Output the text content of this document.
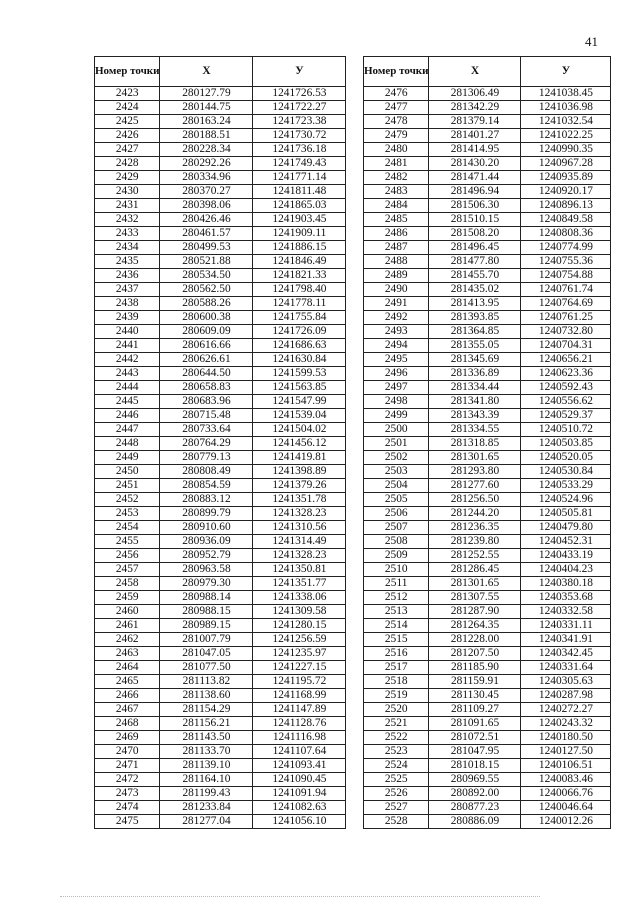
41
Номер точки	X	У
2423	280127.79	1241726.53
2424	280144.75	1241722.27
2425	280163.24	1241723.38
2426	280188.51	1241730.72
2427	280228.34	1241736.18
2428	280292.26	1241749.43
2429	280334.96	1241771.14
2430	280370.27	1241811.48
2431	280398.06	1241865.03
2432	280426.46	1241903.45
2433	280461.57	1241909.11
2434	280499.53	1241886.15
2435	280521.88	1241846.49
2436	280534.50	1241821.33
2437	280562.50	1241798.40
2438	280588.26	1241778.11
2439	280600.38	1241755.84
2440	280609.09	1241726.09
2441	280616.66	1241686.63
2442	280626.61	1241630.84
2443	280644.50	1241599.53
2444	280658.83	1241563.85
2445	280683.96	1241547.99
2446	280715.48	1241539.04
2447	280733.64	1241504.02
2448	280764.29	1241456.12
2449	280779.13	1241419.81
2450	280808.49	1241398.89
2451	280854.59	1241379.26
2452	280883.12	1241351.78
2453	280899.79	1241328.23
2454	280910.60	1241310.56
2455	280936.09	1241314.49
2456	280952.79	1241328.23
2457	280963.58	1241350.81
2458	280979.30	1241351.77
2459	280988.14	1241338.06
2460	280988.15	1241309.58
2461	280989.15	1241280.15
2462	281007.79	1241256.59
2463	281047.05	1241235.97
2464	281077.50	1241227.15
2465	281113.82	1241195.72
2466	281138.60	1241168.99
2467	281154.29	1241147.89
2468	281156.21	1241128.76
2469	281143.50	1241116.98
2470	281133.70	1241107.64
2471	281139.10	1241093.41
2472	281164.10	1241090.45
2473	281199.43	1241091.94
2474	281233.84	1241082.63
2475	281277.04	1241056.10
Номер точки	X	У
2476	281306.49	1241038.45
2477	281342.29	1241036.98
2478	281379.14	1241032.54
2479	281401.27	1241022.25
2480	281414.95	1240990.35
2481	281430.20	1240967.28
2482	281471.44	1240935.89
2483	281496.94	1240920.17
2484	281506.30	1240896.13
2485	281510.15	1240849.58
2486	281508.20	1240808.36
2487	281496.45	1240774.99
2488	281477.80	1240755.36
2489	281455.70	1240754.88
2490	281435.02	1240761.74
2491	281413.95	1240764.69
2492	281393.85	1240761.25
2493	281364.85	1240732.80
2494	281355.05	1240704.31
2495	281345.69	1240656.21
2496	281336.89	1240623.36
2497	281334.44	1240592.43
2498	281341.80	1240556.62
2499	281343.39	1240529.37
2500	281334.55	1240510.72
2501	281318.85	1240503.85
2502	281301.65	1240520.05
2503	281293.80	1240530.84
2504	281277.60	1240533.29
2505	281256.50	1240524.96
2506	281244.20	1240505.81
2507	281236.35	1240479.80
2508	281239.80	1240452.31
2509	281252.55	1240433.19
2510	281286.45	1240404.23
2511	281301.65	1240380.18
2512	281307.55	1240353.68
2513	281287.90	1240332.58
2514	281264.35	1240331.11
2515	281228.00	1240341.91
2516	281207.50	1240342.45
2517	281185.90	1240331.64
2518	281159.91	1240305.63
2519	281130.45	1240287.98
2520	281109.27	1240272.27
2521	281091.65	1240243.32
2522	281072.51	1240180.50
2523	281047.95	1240127.50
2524	281018.15	1240106.51
2525	280969.55	1240083.46
2526	280892.00	1240066.76
2527	280877.23	1240046.64
2528	280886.09	1240012.26
